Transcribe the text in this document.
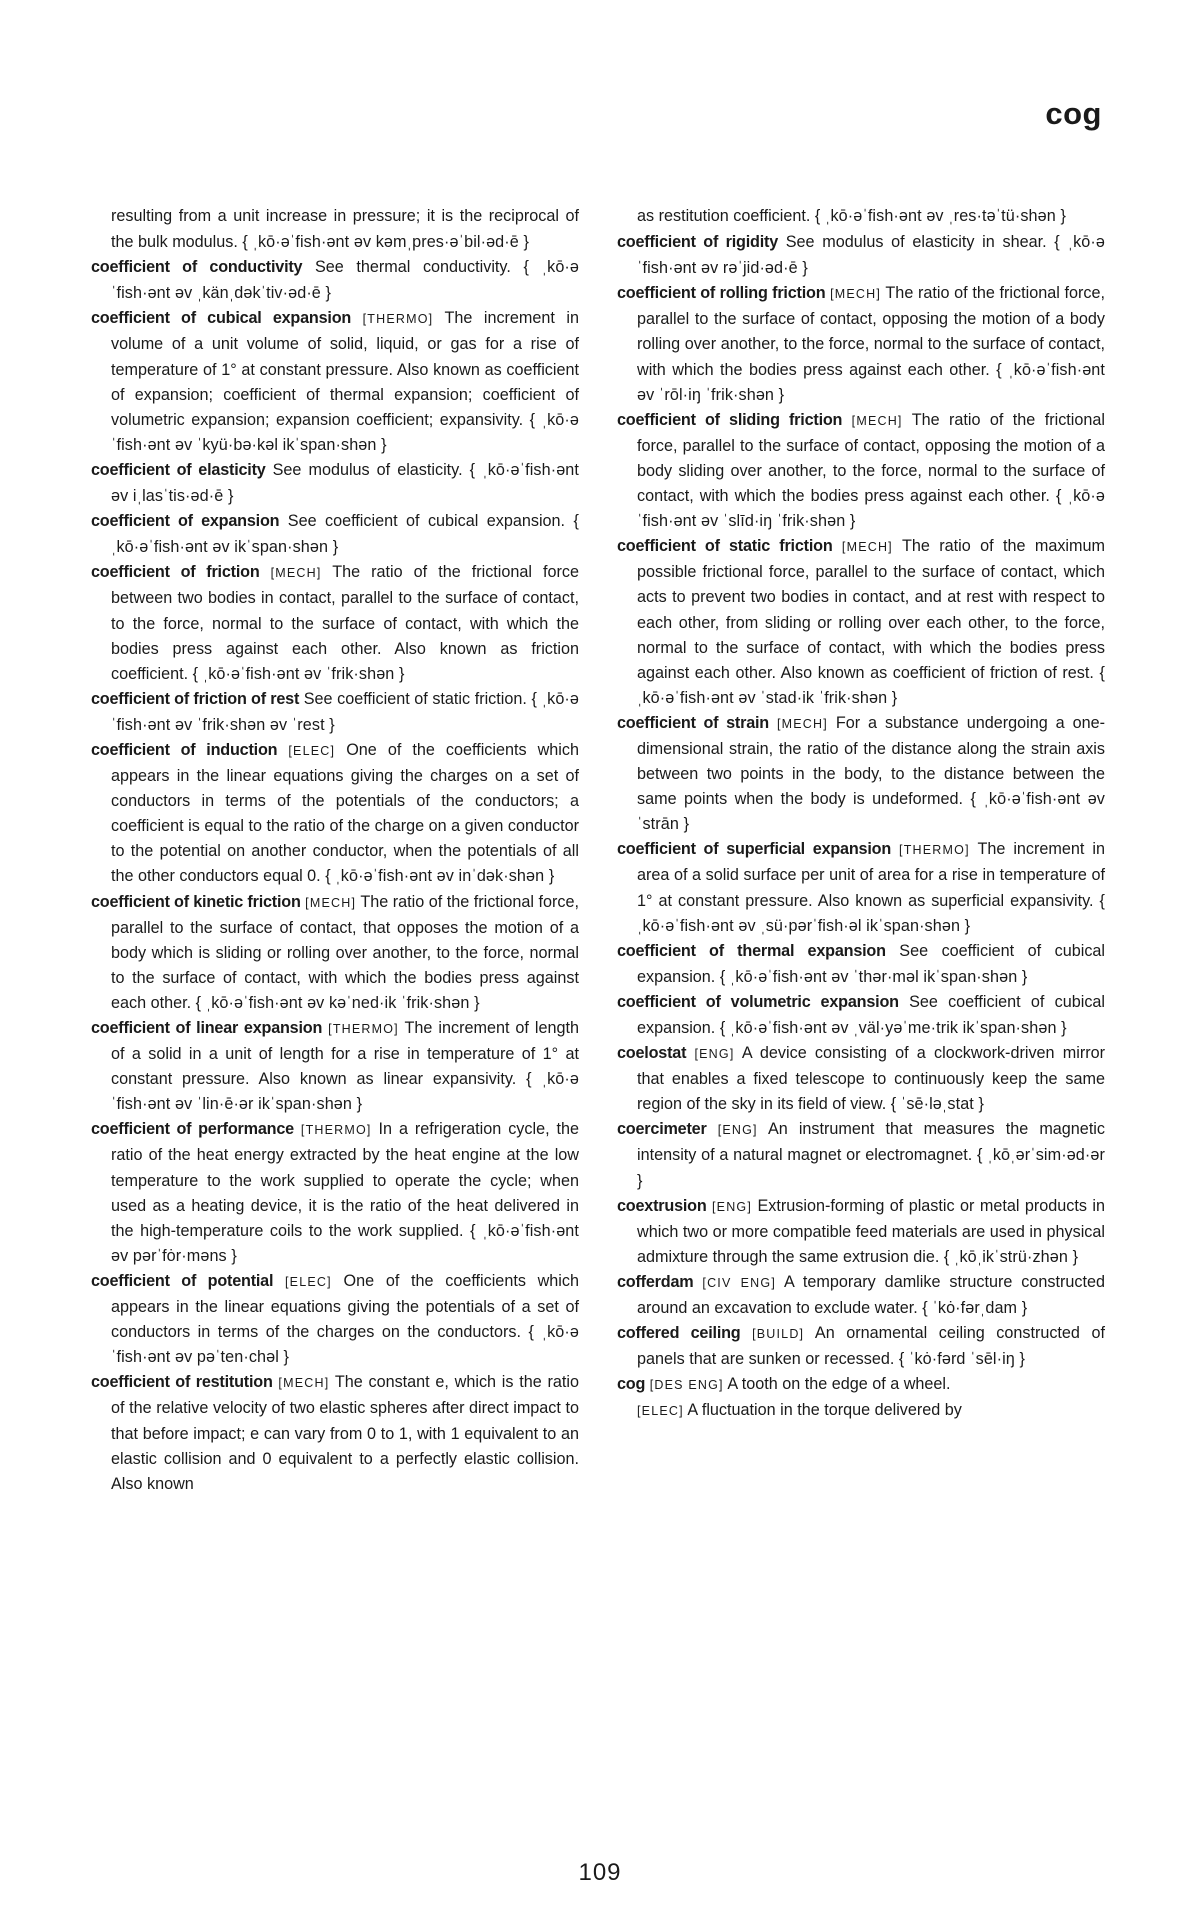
cog

resulting from a unit increase in pressure; it is the reciprocal of the bulk modulus. { ˌkō·əˈfish·ənt əv kəmˌpres·əˈbil·əd·ē }

coefficient of conductivity See thermal conductivity. { ˌkō·əˈfish·ənt əv ˌkänˌdəkˈtiv·əd·ē }

coefficient of cubical expansion [THERMO] The increment in volume of a unit volume of solid, liquid, or gas for a rise of temperature of 1° at constant pressure. Also known as coefficient of expansion; coefficient of thermal expansion; coefficient of volumetric expansion; expansion coefficient; expansivity. { ˌkō·əˈfish·ənt əv ˈkyü·bə·kəl ikˈspan·shən }

coefficient of elasticity See modulus of elasticity. { ˌkō·əˈfish·ənt əv iˌlasˈtis·əd·ē }

coefficient of expansion See coefficient of cubical expansion. { ˌkō·əˈfish·ənt əv ikˈspan·shən }

coefficient of friction [MECH] The ratio of the frictional force between two bodies in contact, parallel to the surface of contact, to the force, normal to the surface of contact, with which the bodies press against each other. Also known as friction coefficient. { ˌkō·əˈfish·ənt əv ˈfrik·shən }

coefficient of friction of rest See coefficient of static friction. { ˌkō·əˈfish·ənt əv ˈfrik·shən əv ˈrest }

coefficient of induction [ELEC] One of the coefficients which appears in the linear equations giving the charges on a set of conductors in terms of the potentials of the conductors; a coefficient is equal to the ratio of the charge on a given conductor to the potential on another conductor, when the potentials of all the other conductors equal 0. { ˌkō·əˈfish·ənt əv inˈdək·shən }

coefficient of kinetic friction [MECH] The ratio of the frictional force, parallel to the surface of contact, that opposes the motion of a body which is sliding or rolling over another, to the force, normal to the surface of contact, with which the bodies press against each other. { ˌkō·əˈfish·ənt əv kəˈned·ik ˈfrik·shən }

coefficient of linear expansion [THERMO] The increment of length of a solid in a unit of length for a rise in temperature of 1° at constant pressure. Also known as linear expansivity. { ˌkō·əˈfish·ənt əv ˈlin·ē·ər ikˈspan·shən }

coefficient of performance [THERMO] In a refrigeration cycle, the ratio of the heat energy extracted by the heat engine at the low temperature to the work supplied to operate the cycle; when used as a heating device, it is the ratio of the heat delivered in the high-temperature coils to the work supplied. { ˌkō·əˈfish·ənt əv pərˈfȯr·məns }

coefficient of potential [ELEC] One of the coefficients which appears in the linear equations giving the potentials of a set of conductors in terms of the charges on the conductors. { ˌkō·əˈfish·ənt əv pəˈten·chəl }

coefficient of restitution [MECH] The constant e, which is the ratio of the relative velocity of two elastic spheres after direct impact to that before impact; e can vary from 0 to 1, with 1 equivalent to an elastic collision and 0 equivalent to a perfectly elastic collision. Also known

as restitution coefficient. { ˌkō·əˈfish·ənt əv ˌres·təˈtü·shən }

coefficient of rigidity See modulus of elasticity in shear. { ˌkō·əˈfish·ənt əv rəˈjid·əd·ē }

coefficient of rolling friction [MECH] The ratio of the frictional force, parallel to the surface of contact, opposing the motion of a body rolling over another, to the force, normal to the surface of contact, with which the bodies press against each other. { ˌkō·əˈfish·ənt əv ˈrōl·iŋ ˈfrik·shən }

coefficient of sliding friction [MECH] The ratio of the frictional force, parallel to the surface of contact, opposing the motion of a body sliding over another, to the force, normal to the surface of contact, with which the bodies press against each other. { ˌkō·əˈfish·ənt əv ˈslīd·iŋ ˈfrik·shən }

coefficient of static friction [MECH] The ratio of the maximum possible frictional force, parallel to the surface of contact, which acts to prevent two bodies in contact, and at rest with respect to each other, from sliding or rolling over each other, to the force, normal to the surface of contact, with which the bodies press against each other. Also known as coefficient of friction of rest. { ˌkō·əˈfish·ənt əv ˈstad·ik ˈfrik·shən }

coefficient of strain [MECH] For a substance undergoing a one-dimensional strain, the ratio of the distance along the strain axis between two points in the body, to the distance between the same points when the body is undeformed. { ˌkō·əˈfish·ənt əv ˈstrān }

coefficient of superficial expansion [THERMO] The increment in area of a solid surface per unit of area for a rise in temperature of 1° at constant pressure. Also known as superficial expansivity. { ˌkō·əˈfish·ənt əv ˌsü·pərˈfish·əl ikˈspan·shən }

coefficient of thermal expansion See coefficient of cubical expansion. { ˌkō·əˈfish·ənt əv ˈthər·məl ikˈspan·shən }

coefficient of volumetric expansion See coefficient of cubical expansion. { ˌkō·əˈfish·ənt əv ˌväl·yəˈme·trik ikˈspan·shən }

coelostat [ENG] A device consisting of a clockwork-driven mirror that enables a fixed telescope to continuously keep the same region of the sky in its field of view. { ˈsē·ləˌstat }

coercimeter [ENG] An instrument that measures the magnetic intensity of a natural magnet or electromagnet. { ˌkōˌərˈsim·əd·ər }

coextrusion [ENG] Extrusion-forming of plastic or metal products in which two or more compatible feed materials are used in physical admixture through the same extrusion die. { ˌkōˌikˈstrü·zhən }

cofferdam [CIV ENG] A temporary damlike structure constructed around an excavation to exclude water. { ˈkȯ·fərˌdam }

coffered ceiling [BUILD] An ornamental ceiling constructed of panels that are sunken or recessed. { ˈkȯ·fərd ˈsēl·iŋ }

cog [DES ENG] A tooth on the edge of a wheel.

[ELEC] A fluctuation in the torque delivered by

109
